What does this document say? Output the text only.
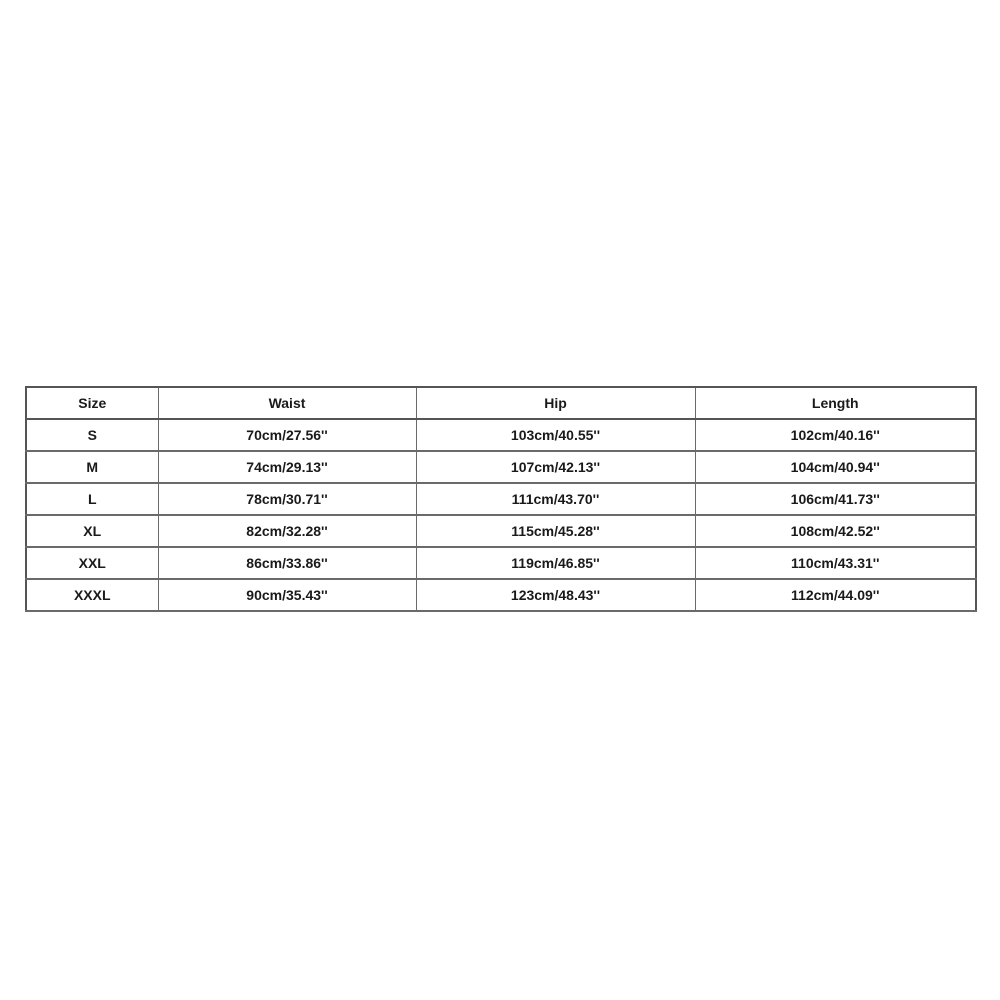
Size	Waist	Hip	Length
S	70cm/27.56''	103cm/40.55''	102cm/40.16''
M	74cm/29.13''	107cm/42.13''	104cm/40.94''
L	78cm/30.71''	111cm/43.70''	106cm/41.73''
XL	82cm/32.28''	115cm/45.28''	108cm/42.52''
XXL	86cm/33.86''	119cm/46.85''	110cm/43.31''
XXXL	90cm/35.43''	123cm/48.43''	112cm/44.09''
